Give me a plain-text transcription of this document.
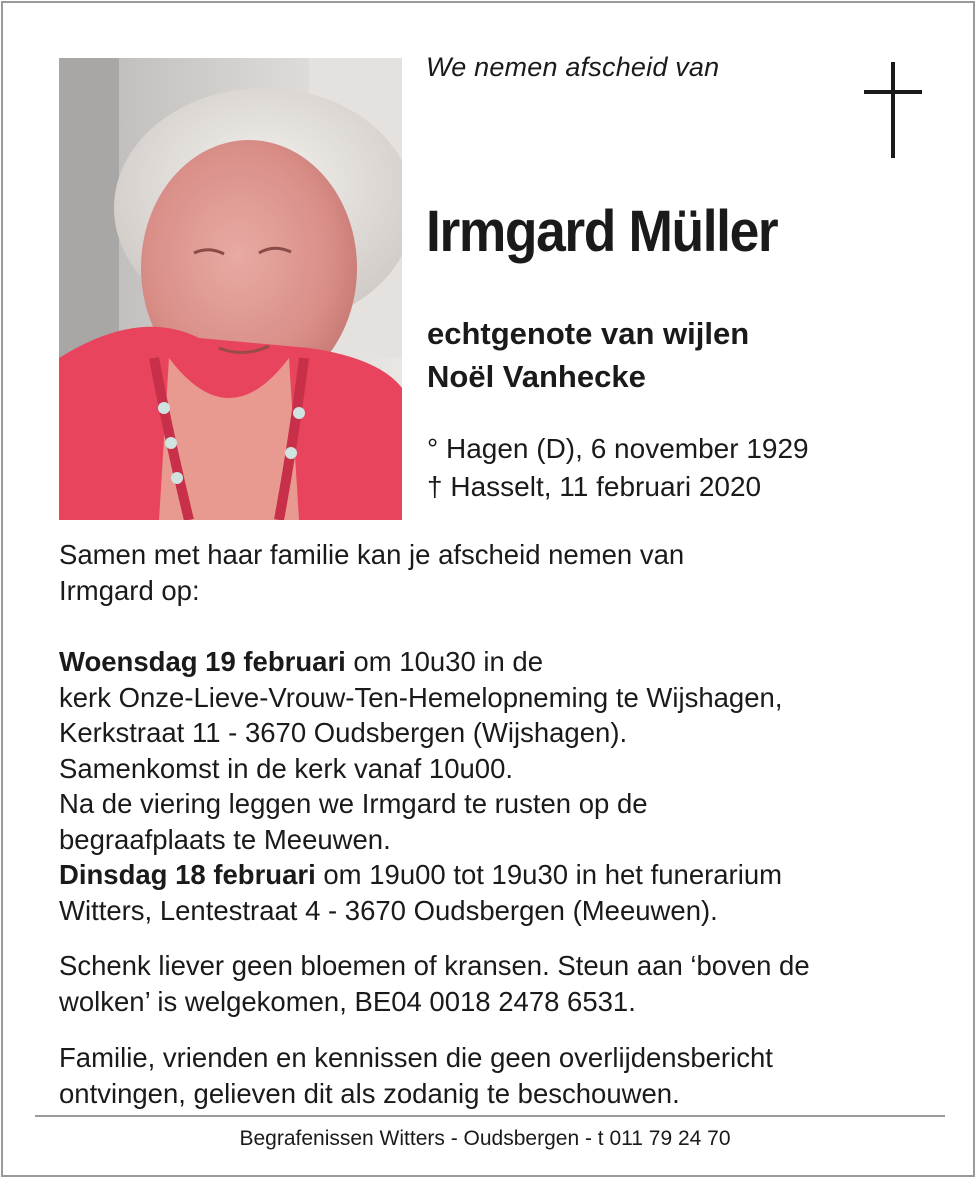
We nemen afscheid van
Irmgard Müller
echtgenote van wijlen
Noël Vanhecke
° Hagen (D), 6 november 1929
† Hasselt, 11 februari 2020
Samen met haar familie kan je afscheid nemen van
Irmgard op:
Woensdag 19 februari om 10u30 in de
kerk Onze-Lieve-Vrouw-Ten-Hemelopneming te Wijshagen,
Kerkstraat 11 - 3670 Oudsbergen (Wijshagen).
Samenkomst in de kerk vanaf 10u00.
Na de viering leggen we Irmgard te rusten op de
begraafplaats te Meeuwen.
Dinsdag 18 februari om 19u00 tot 19u30 in het funerarium
Witters, Lentestraat 4 - 3670 Oudsbergen (Meeuwen).
Schenk liever geen bloemen of kransen. Steun aan ‘boven de
wolken’ is welgekomen, BE04 0018 2478 6531.
Familie, vrienden en kennissen die geen overlijdensbericht
ontvingen, gelieven dit als zodanig te beschouwen.
Begrafenissen Witters - Oudsbergen - t 011 79 24 70
